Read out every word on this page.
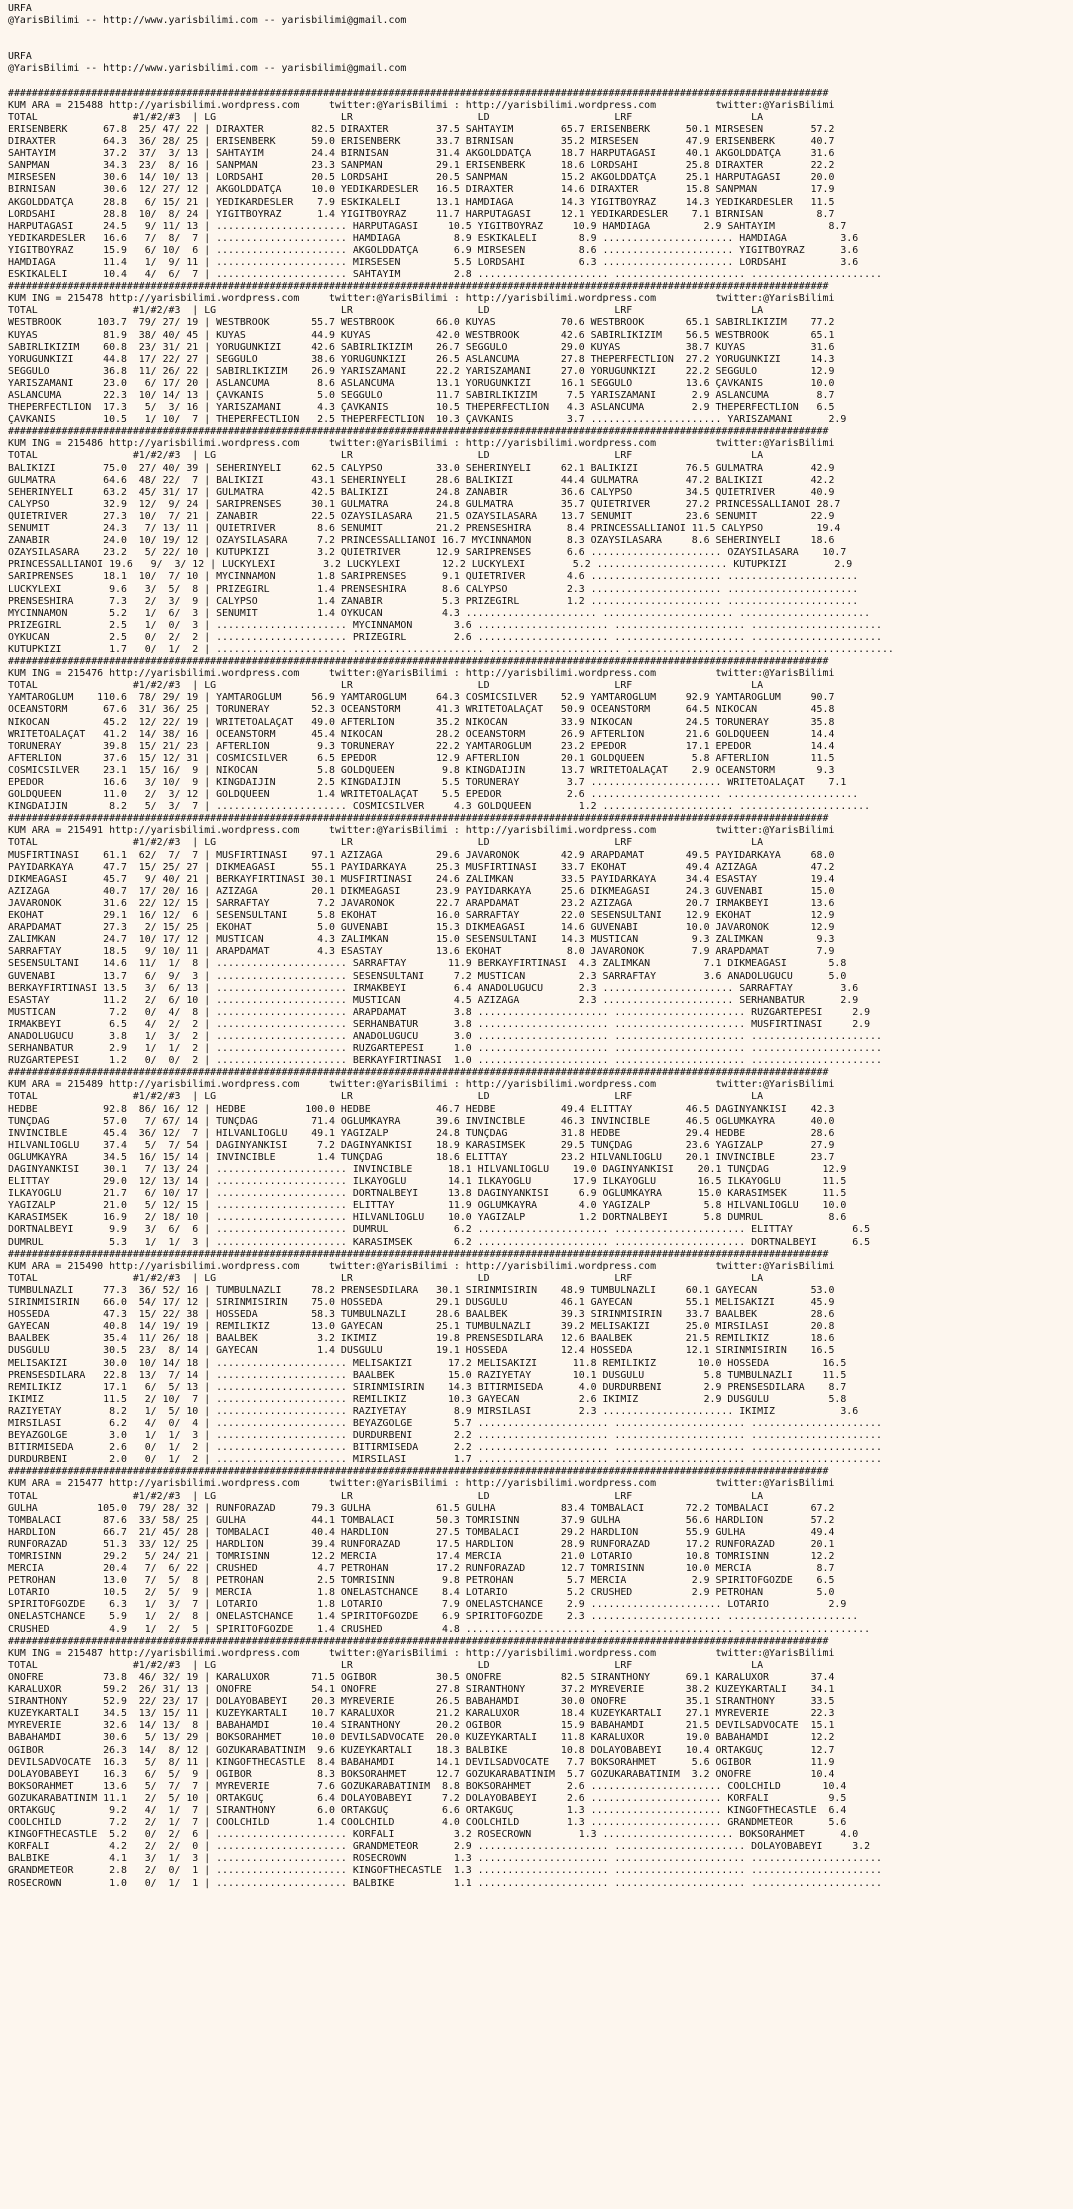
URFA
@YarisBilimi -- http://www.yarisbilimi.com -- yarisbilimi@gmail.com

URFA
@YarisBilimi -- http://www.yarisbilimi.com -- yarisbilimi@gmail.com

##########################################################################################################################################
KUM ARA = 215488 http://yarisbilimi.wordpress.com     twitter:@YarisBilimi : http://yarisbilimi.wordpress.com          twitter:@YarisBilimi
TOTAL                #1/#2/#3  | LG                     LR                     LD                     LRF                    LA
ERISENBERK      67.8  25/ 47/ 22 | DIRAXTER        82.5 DIRAXTER        37.5 SAHTAYIM        65.7 ERISENBERK      50.1 MIRSESEN        57.2
DIRAXTER        64.3  36/ 28/ 25 | ERISENBERK      59.0 ERISENBERK      33.7 BIRNISAN        35.2 MIRSESEN        47.9 ERISENBERK      40.7
SAHTAYIM        37.2  37/  3/ 13 | SAHTAYIM        24.4 BIRNISAN        31.4 AKGOLDDATÇA     18.7 HARPUTAGASI     40.1 AKGOLDDATÇA     31.6
SANPMAN         34.3  23/  8/ 16 | SANPMAN         23.3 SANPMAN         29.1 ERISENBERK      18.6 LORDSAHI        25.8 DIRAXTER        22.2
MIRSESEN        30.6  14/ 10/ 13 | LORDSAHI        20.5 LORDSAHI        20.5 SANPMAN         15.2 AKGOLDDATÇA     25.1 HARPUTAGASI     20.0
BIRNISAN        30.6  12/ 27/ 12 | AKGOLDDATÇA     10.0 YEDIKARDESLER   16.5 DIRAXTER        14.6 DIRAXTER        15.8 SANPMAN         17.9
AKGOLDDATÇA     28.8   6/ 15/ 21 | YEDIKARDESLER    7.9 ESKIKALELI      13.1 HAMDIAGA        14.3 YIGITBOYRAZ     14.3 YEDIKARDESLER   11.5
LORDSAHI        28.8  10/  8/ 24 | YIGITBOYRAZ      1.4 YIGITBOYRAZ     11.7 HARPUTAGASI     12.1 YEDIKARDESLER    7.1 BIRNISAN         8.7
HARPUTAGASI     24.5   9/ 11/ 13 | ...................... HARPUTAGASI     10.5 YIGITBOYRAZ     10.9 HAMDIAGA         2.9 SAHTAYIM         8.7
YEDIKARDESLER   16.6   7/  8/  7 | ...................... HAMDIAGA         8.9 ESKIKALELI       8.9 ...................... HAMDIAGA         3.6
YIGITBOYRAZ     15.9   6/ 10/  6 | ...................... AKGOLDDATÇA      6.9 MIRSESEN         8.6 ...................... YIGITBOYRAZ      3.6
HAMDIAGA        11.4   1/  9/ 11 | ...................... MIRSESEN         5.5 LORDSAHI         6.3 ...................... LORDSAHI         3.6
ESKIKALELI      10.4   4/  6/  7 | ...................... SAHTAYIM         2.8 ...................... ...................... ......................
##########################################################################################################################################
KUM ING = 215478 http://yarisbilimi.wordpress.com     twitter:@YarisBilimi : http://yarisbilimi.wordpress.com          twitter:@YarisBilimi
TOTAL                #1/#2/#3  | LG                     LR                     LD                     LRF                    LA
WESTBROOK      103.7  79/ 27/ 19 | WESTBROOK       55.7 WESTBROOK       66.0 KUYAS           70.6 WESTBROOK       65.1 SABIRLIKIZIM    77.2
KUYAS           81.9  38/ 40/ 45 | KUYAS           44.9 KUYAS           42.0 WESTBROOK       42.6 SABIRLIKIZIM    56.5 WESTBROOK       65.1
SABIRLIKIZIM    60.8  23/ 31/ 21 | YÖRÜGÜNKIZI     42.6 SABIRLIKIZIM    26.7 SEGGÜLO         29.0 KUYAS           38.7 KUYAS           31.6
YÖRÜGÜNKIZI     44.8  17/ 22/ 27 | SEGGÜLO         38.6 YÖRÜGÜNKIZI     26.5 ASLANCUMA       27.8 THEPERFECTLION  27.2 YÖRÜGÜNKIZI     14.3
SEGGÜLO         36.8  11/ 26/ 22 | SABIRLIKIZIM    26.9 YARISZAMANI     22.2 YARISZAMANI     27.0 YÖRÜGÜNKIZI     22.2 SEGGÜLO         12.9
YARISZAMANI     23.0   6/ 17/ 20 | ASLANCUMA        8.6 ASLANCUMA       13.1 YÖRÜGÜNKIZI     16.1 SEGGÜLO         13.6 ÇAVKANIS        10.0
ASLANCUMA       22.3  10/ 14/ 13 | ÇAVKANIS         5.0 SEGGÜLO         11.7 SABIRLIKIZIM     7.5 YARISZAMANI      2.9 ASLANCUMA        8.7
THEPERFECTLION  17.3   5/  3/ 16 | YARISZAMANI      4.3 ÇAVKANIS        10.5 THEPERFECTLION   4.3 ASLANCUMA        2.9 THEPERFECTLION   6.5
ÇAVKANIS        10.5   1/ 10/  7 | THEPERFECTLION   2.5 THEPERFECTLION  10.3 ÇAVKANIS         3.7 ...................... YARISZAMANI      2.9
##########################################################################################################################################
KUM ING = 215486 http://yarisbilimi.wordpress.com     twitter:@YarisBilimi : http://yarisbilimi.wordpress.com          twitter:@YarisBilimi
TOTAL                #1/#2/#3  | LG                     LR                     LD                     LRF                    LA
BALIKIZI        75.0  27/ 40/ 39 | SEHERINYELI     62.5 CALYPSO         33.0 SEHERINYELI     62.1 BALIKIZI        76.5 GÜLMATRA        42.9
GÜLMATRA        64.6  48/ 22/  7 | BALIKIZI        43.1 SEHERINYELI     28.6 BALIKIZI        44.4 GÜLMATRA        47.2 BALIKIZI        42.2
SEHERINYELI     63.2  45/ 31/ 17 | GÜLMATRA        42.5 BALIKIZI        24.8 ZANABIR         36.6 CALYPSO         34.5 QUIETRIVER      40.9
CALYPSO         32.9  12/  9/ 24 | SARIPRENSES     30.1 GÜLMATRA        24.8 GÜLMATRA        35.7 QUIETRIVER      27.2 PRINCESSALLIANOI 28.7
QUIETRIVER      27.3  10/  7/ 21 | ZANABIR         22.5 ÖZAYSILASARA    21.5 ÖZAYSILASARA    13.7 SENÜMIT         23.6 SENÜMIT         22.9
SENÜMIT         24.3   7/ 13/ 11 | QUIETRIVER       8.6 SENÜMIT         21.2 PRENSESHIRA      8.4 PRINCESSALLIANOI 11.5 CALYPSO         19.4
ZANABIR         24.0  10/ 19/ 12 | ÖZAYSILASARA     7.2 PRINCESSALLIANOI 16.7 MYCINNAMON      8.3 ÖZAYSILASARA     8.6 SEHERINYELI     18.6
ÖZAYSILASARA    23.2   5/ 22/ 10 | KUTUPKIZI        3.2 QUIETRIVER      12.9 SARIPRENSES      6.6 ...................... ÖZAYSILASARA    10.7
PRINCESSALLIANOI 19.6   9/  3/ 12 | LUCKYLEXI        3.2 LUCKYLEXI       12.2 LUCKYLEXI        5.2 ...................... KUTUPKIZI        2.9
SARIPRENSES     18.1  10/  7/ 10 | MYCINNAMON       1.8 SARIPRENSES      9.1 QUIETRIVER       4.6 ...................... ......................
LUCKYLEXI        9.6   3/  5/  8 | PRIZEGIRL        1.4 PRENSESHIRA      8.6 CALYPSO          2.3 ...................... ......................
PRENSESHIRA      7.3   2/  3/  9 | CALYPSO          1.4 ZANABIR          5.3 PRIZEGIRL        1.2 ...................... ......................
MYCINNAMON       5.2   1/  6/  3 | SENÜMIT          1.4 ÖYKÜCAN          4.3 ...................... ...................... ......................
PRIZEGIRL        2.5   1/  0/  3 | ...................... MYCINNAMON       3.6 ...................... ...................... ......................
ÖYKÜCAN          2.5   0/  2/  2 | ...................... PRIZEGIRL        2.6 ...................... ...................... ......................
KUTUPKIZI        1.7   0/  1/  2 | ...................... ...................... ...................... ...................... ......................
##########################################################################################################################################
KUM ING = 215476 http://yarisbilimi.wordpress.com     twitter:@YarisBilimi : http://yarisbilimi.wordpress.com          twitter:@YarisBilimi
TOTAL                #1/#2/#3  | LG                     LR                     LD                     LRF                    LA
YAMTAROGLUM    110.6  78/ 29/ 19 | YAMTAROGLUM     56.9 YAMTAROGLUM     64.3 COSMICSILVER    52.9 YAMTAROGLUM     92.9 YAMTAROGLUM     90.7
OCEANSTORM      67.6  31/ 36/ 25 | TORUNERAY       52.3 OCEANSTORM      41.3 WRITETOALAÇAT   50.9 OCEANSTORM      64.5 NIKOCAN         45.8
NIKOCAN         45.2  12/ 22/ 19 | WRITETOALAÇAT   49.0 AFTERLION       35.2 NIKOCAN         33.9 NIKOCAN         24.5 TORUNERAY       35.8
WRITETOALAÇAT   41.2  14/ 38/ 16 | OCEANSTORM      45.4 NIKOCAN         28.2 OCEANSTORM      26.9 AFTERLION       21.6 GOLDQUEEN       14.4
TORUNERAY       39.8  15/ 21/ 23 | AFTERLION        9.3 TORUNERAY       22.2 YAMTAROGLUM     23.2 EPEDOR          17.1 EPEDOR          14.4
AFTERLION       37.6  15/ 12/ 31 | COSMICSILVER     6.5 EPEDOR          12.9 AFTERLION       20.1 GOLDQUEEN        5.8 AFTERLION       11.5
COSMICSILVER    23.1  15/ 16/  9 | NIKOCAN          5.8 GOLDQUEEN        9.8 KINGDAIJIN      13.7 WRITETOALAÇAT    2.9 OCEANSTORM       9.3
EPEDOR          16.6   3/ 10/  9 | KINGDAIJIN       2.5 KINGDAIJIN       5.5 TORUNERAY        3.7 ...................... WRITETOALAÇAT    7.1
GOLDQUEEN       11.0   2/  3/ 12 | GOLDQUEEN        1.4 WRITETOALAÇAT    5.5 EPEDOR           2.6 ...................... ......................
KINGDAIJIN       8.2   5/  3/  7 | ...................... COSMICSILVER     4.3 GOLDQUEEN        1.2 ...................... ......................
##########################################################################################################################################
KUM ARA = 215491 http://yarisbilimi.wordpress.com     twitter:@YarisBilimi : http://yarisbilimi.wordpress.com          twitter:@YarisBilimi
TOTAL                #1/#2/#3  | LG                     LR                     LD                     LRF                    LA
MUSFIRTINASI    61.1  62/  7/  7 | MUSFIRTINASI    97.1 AZIZAGA         29.6 JAVARONOK       42.9 ARAPDAMAT       49.5 PAYIDARKAYA     68.0
PAYIDARKAYA     47.7  15/ 25/ 27 | DIKMEAGASI      55.1 PAYIDARKAYA     25.3 MUSFIRTINASI    33.7 EKOHAT          49.4 AZIZAGA         47.2
DIKMEAGASI      45.7   9/ 40/ 21 | BERKAYFIRTINASI 30.1 MUSFIRTINASI    24.6 ZALIMKAN        33.5 PAYIDARKAYA     34.4 ESASTAY         19.4
AZIZAGA         40.7  17/ 20/ 16 | AZIZAGA         20.1 DIKMEAGASI      23.9 PAYIDARKAYA     25.6 DIKMEAGASI      24.3 GÜVENABI        15.0
JAVARONOK       31.6  22/ 12/ 15 | SARRAFTAY        7.2 JAVARONOK       22.7 ARAPDAMAT       23.2 AZIZAGA         20.7 IRMAKBEYI       13.6
EKOHAT          29.1  16/ 12/  6 | SESENSULTANI     5.8 EKOHAT          16.0 SARRAFTAY       22.0 SESENSULTANI    12.9 EKOHAT          12.9
ARAPDAMAT       27.3   2/ 15/ 25 | EKOHAT           5.0 GÜVENABI        15.3 DIKMEAGASI      14.6 GÜVENABI        10.0 JAVARONOK       12.9
ZALIMKAN        24.7  10/ 17/ 12 | MUSTICAN         4.3 ZALIMKAN        15.0 SESENSULTANI    14.3 MUSTICAN         9.3 ZALIMKAN         9.3
SARRAFTAY       18.5   9/ 10/ 11 | ARAPDAMAT        4.3 ESASTAY         13.6 EKOHAT           8.0 JAVARONOK        7.9 ARAPDAMAT        7.9
SESENSULTANI    14.6  11/  1/  8 | ...................... SARRAFTAY       11.9 BERKAYFIRTINASI  4.3 ZALIMKAN         7.1 DIKMEAGASI       5.8
GÜVENABI        13.7   6/  9/  3 | ...................... SESENSULTANI     7.2 MUSTICAN         2.3 SARRAFTAY        3.6 ANADOLUGÜCÜ      5.0
BERKAYFIRTINASI 13.5   3/  6/ 13 | ...................... IRMAKBEYI        6.4 ANADOLUGÜCÜ      2.3 ...................... SARRAFTAY        3.6
ESASTAY         11.2   2/  6/ 10 | ...................... MUSTICAN         4.5 AZIZAGA          2.3 ...................... SERHANBATUR      2.9
MUSTICAN         7.2   0/  4/  8 | ...................... ARAPDAMAT        3.8 ...................... ...................... RÜZGARTEPESI     2.9
IRMAKBEYI        6.5   4/  2/  2 | ...................... SERHANBATUR      3.8 ...................... ...................... MUSFIRTINASI     2.9
ANADOLUGÜCÜ      3.8   1/  3/  2 | ...................... ANADOLUGÜCÜ      3.0 ...................... ...................... ......................
SERHANBATUR      2.9   1/  1/  2 | ...................... RÜZGARTEPESI     1.0 ...................... ...................... ......................
RÜZGARTEPESI     1.2   0/  0/  2 | ...................... BERKAYFIRTINASI  1.0 ...................... ...................... ......................
##########################################################################################################################################
KUM ARA = 215489 http://yarisbilimi.wordpress.com     twitter:@YarisBilimi : http://yarisbilimi.wordpress.com          twitter:@YarisBilimi
TOTAL                #1/#2/#3  | LG                     LR                     LD                     LRF                    LA
HEDBE           92.8  86/ 16/ 12 | HEDBE          100.0 HEDBE           46.7 HEDBE           49.4 ELITTAY         46.5 DAGINYANKISI    42.3
TUNÇDAG         57.0   7/ 67/ 14 | TUNÇDAG         71.4 OGLUMKAYRA      39.6 INVINCIBLE      46.3 INVINCIBLE      46.5 OGLUMKAYRA      40.0
INVINCIBLE      45.4  36/ 12/  7 | HILVANLIOGLU    49.1 YAGIZALP        24.8 TUNÇDAG         31.8 HEDBE           29.4 HEDBE           28.6
HILVANLIOGLU    37.4   5/  7/ 54 | DAGINYANKISI     7.2 DAGINYANKISI    18.9 KARASIMSEK      29.5 TUNÇDAG         23.6 YAGIZALP        27.9
OGLUMKAYRA      34.5  16/ 15/ 14 | INVINCIBLE       1.4 TUNÇDAG         18.6 ELITTAY         23.2 HILVANLIOGLU    20.1 INVINCIBLE      23.7
DAGINYANKISI    30.1   7/ 13/ 24 | ...................... INVINCIBLE      18.1 HILVANLIOGLU    19.0 DAGINYANKISI    20.1 TUNÇDAG         12.9
ELITTAY         29.0  12/ 13/ 14 | ...................... ILKAYOGLU       14.1 ILKAYOGLU       17.9 ILKAYOGLU       16.5 ILKAYOGLU       11.5
ILKAYOGLU       21.7   6/ 10/ 17 | ...................... DÖRTNALBEYI     13.8 DAGINYANKISI     6.9 OGLUMKAYRA      15.0 KARASIMSEK      11.5
YAGIZALP        21.0   5/ 12/ 15 | ...................... ELITTAY         11.9 OGLUMKAYRA       4.0 YAGIZALP         5.8 HILVANLIOGLU    10.0
KARASIMSEK      16.9   2/ 18/ 10 | ...................... HILVANLIOGLU    10.0 YAGIZALP         1.2 DÖRTNALBEYI      5.8 DUMRUL           8.6
DÖRTNALBEYI      9.9   3/  6/  6 | ...................... DUMRUL           6.2 ...................... ...................... ELITTAY          6.5
DUMRUL           5.3   1/  1/  3 | ...................... KARASIMSEK       6.2 ...................... ...................... DÖRTNALBEYI      6.5
##########################################################################################################################################
KUM ARA = 215490 http://yarisbilimi.wordpress.com     twitter:@YarisBilimi : http://yarisbilimi.wordpress.com          twitter:@YarisBilimi
TOTAL                #1/#2/#3  | LG                     LR                     LD                     LRF                    LA
TUMBULNAZLI     77.3  36/ 52/ 16 | TUMBULNAZLI     78.2 PRENSESDILARA   30.1 SIRINMISIRIN    48.9 TUMBULNAZLI     60.1 GAYECAN         53.0
SIRINMISIRIN    66.0  54/ 17/ 12 | SIRINMISIRIN    75.0 HOSSEDA         29.1 DÜSGÜLÜ         46.1 GAYECAN         55.1 MELISAKIZI      45.9
HOSSEDA         47.3  15/ 22/ 38 | HOSSEDA         58.3 TUMBULNAZLI     28.6 BAALBEK         39.3 SIRINMISIRIN    33.7 BAALBEK         28.6
GAYECAN         40.8  14/ 19/ 19 | REMILIKIZ       13.0 GAYECAN         25.1 TUMBULNAZLI     39.2 MELISAKIZI      25.0 MIRSILASI       20.8
BAALBEK         35.4  11/ 26/ 18 | BAALBEK          3.2 IKIMIZ          19.8 PRENSESDILARA   12.6 BAALBEK         21.5 REMILIKIZ       18.6
DÜSGÜLÜ         30.5  23/  8/ 14 | GAYECAN          1.4 DÜSGÜLÜ         19.1 HOSSEDA         12.4 HOSSEDA         12.1 SIRINMISIRIN    16.5
MELISAKIZI      30.0  10/ 14/ 18 | ...................... MELISAKIZI      17.2 MELISAKIZI      11.8 REMILIKIZ       10.0 HOSSEDA         16.5
PRENSESDILARA   22.8  13/  7/ 14 | ...................... BAALBEK         15.0 RAZIYETAY       10.1 DÜSGÜLÜ          5.8 TUMBULNAZLI     11.5
REMILIKIZ       17.1   6/  5/ 13 | ...................... SIRINMISIRIN    14.3 BITIRMISEDA      4.0 DURDURBENI       2.9 PRENSESDILARA    8.7
IKIMIZ          11.5   2/ 10/  7 | ...................... REMILIKIZ       10.3 GAYECAN          2.6 IKIMIZ           2.9 DÜSGÜLÜ          5.8
RAZIYETAY        8.2   1/  5/ 10 | ...................... RAZIYETAY        8.9 MIRSILASI        2.3 ...................... IKIMIZ           3.6
MIRSILASI        6.2   4/  0/  4 | ...................... BEYAZGÖLGE       5.7 ...................... ...................... ......................
BEYAZGÖLGE       3.0   1/  1/  3 | ...................... DURDURBENI       2.2 ...................... ...................... ......................
BITIRMISEDA      2.6   0/  1/  2 | ...................... BITIRMISEDA      2.2 ...................... ...................... ......................
DURDURBENI       2.0   0/  1/  2 | ...................... MIRSILASI        1.7 ...................... ...................... ......................
##########################################################################################################################################
KUM ARA = 215477 http://yarisbilimi.wordpress.com     twitter:@YarisBilimi : http://yarisbilimi.wordpress.com          twitter:@YarisBilimi
TOTAL                #1/#2/#3  | LG                     LR                     LD                     LRF                    LA
GÜLHA          105.0  79/ 28/ 32 | RUNFORAZAD      79.3 GÜLHA           61.5 GÜLHA           83.4 TOMBALACI       72.2 TOMBALACI       67.2
TOMBALACI       87.6  33/ 58/ 25 | GÜLHA           44.1 TOMBALACI       50.3 TOMRISINN       37.9 GÜLHA           56.6 HARDLION        57.2
HARDLION        66.7  21/ 45/ 28 | TOMBALACI       40.4 HARDLION        27.5 TOMBALACI       29.2 HARDLION        55.9 GÜLHA           49.4
RUNFORAZAD      51.3  33/ 12/ 25 | HARDLION        39.4 RUNFORAZAD      17.5 HARDLION        28.9 RUNFORAZAD      17.2 RUNFORAZAD      20.1
TOMRISINN       29.2   5/ 24/ 21 | TOMRISINN       12.2 MERCIA          17.4 MERCIA          21.0 LOTARIO         10.8 TOMRISINN       12.2
MERCIA          20.4   7/  6/ 22 | CRUSHED          4.7 PETROHAN        17.2 RUNFORAZAD      12.7 TOMRISINN       10.0 MERCIA           8.7
PETROHAN        13.0   7/  5/  8 | PETROHAN         2.5 TOMRISINN        9.8 PETROHAN         5.7 MERCIA           2.9 SPIRITOFGÖZDE    6.5
LOTARIO         10.5   2/  5/  9 | MERCIA           1.8 ONELASTCHANCE    8.4 LOTARIO          5.2 CRUSHED          2.9 PETROHAN         5.0
SPIRITOFGÖZDE    6.3   1/  3/  7 | LOTARIO          1.8 LOTARIO          7.9 ONELASTCHANCE    2.9 ...................... LOTARIO          2.9
ONELASTCHANCE    5.9   1/  2/  8 | ONELASTCHANCE    1.4 SPIRITOFGÖZDE    6.9 SPIRITOFGÖZDE    2.3 ...................... ......................
CRUSHED          4.9   1/  2/  5 | SPIRITOFGÖZDE    1.4 CRUSHED          4.8 ...................... ...................... ......................
##########################################################################################################################################
KUM ING = 215487 http://yarisbilimi.wordpress.com     twitter:@YarisBilimi : http://yarisbilimi.wordpress.com          twitter:@YarisBilimi
TOTAL                #1/#2/#3  | LG                     LR                     LD                     LRF                    LA
ONOFRE          73.8  46/ 32/ 19 | KARALUXOR       71.5 OGIBOR          30.5 ONOFRE          82.5 SIRANTHONY      69.1 KARALUXOR       37.4
KARALUXOR       59.2  26/ 31/ 13 | ONOFRE          54.1 ONOFRE          27.8 SIRANTHONY      37.2 MYREVERIE       38.2 KUZEYKARTALI    34.1
SIRANTHONY      52.9  22/ 23/ 17 | DOLAYOBABEYI    20.3 MYREVERIE       26.5 BABAHAMDI       30.0 ONOFRE          35.1 SIRANTHONY      33.5
KUZEYKARTALI    34.5  13/ 15/ 11 | KUZEYKARTALI    10.7 KARALUXOR       21.2 KARALUXOR       18.4 KUZEYKARTALI    27.1 MYREVERIE       22.3
MYREVERIE       32.6  14/ 13/  8 | BABAHAMDI       10.4 SIRANTHONY      20.2 OGIBOR          15.9 BABAHAMDI       21.5 DEVILSADVOCATE  15.1
BABAHAMDI       30.6   5/ 13/ 29 | BOKSÖRAHMET     10.0 DEVILSADVOCATE  20.0 KUZEYKARTALI    11.8 KARALUXOR       19.0 BABAHAMDI       12.2
OGIBOR          26.3  14/  8/ 12 | GÖZÜKARABATINIM  9.6 KUZEYKARTALI    18.3 BALBIKE         10.8 DOLAYOBABEYI    10.4 ORTAKGÜÇ        12.7
DEVILSADVOCATE  16.3   5/  8/ 11 | KINGOFTHECASTLE  8.4 BABAHAMDI       14.1 DEVILSADVOCATE   7.7 BOKSÖRAHMET      5.6 OGIBOR          11.9
DOLAYOBABEYI    16.3   6/  5/  9 | OGIBOR           8.3 BOKSÖRAHMET     12.7 GÖZÜKARABATINIM  5.7 GÖZÜKARABATINIM  3.2 ONOFRE          10.4
BOKSÖRAHMET     13.6   5/  7/  7 | MYREVERIE        7.6 GÖZÜKARABATINIM  8.8 BOKSÖRAHMET      2.6 ...................... COOLCHILD       10.4
GÖZÜKARABATINIM 11.1   2/  5/ 10 | ORTAKGÜÇ         6.4 DOLAYOBABEYI     7.2 DOLAYOBABEYI     2.6 ...................... KORFALI          9.5
ORTAKGÜÇ         9.2   4/  1/  7 | SIRANTHONY       6.0 ORTAKGÜÇ         6.6 ORTAKGÜÇ         1.3 ...................... KINGOFTHECASTLE  6.4
COOLCHILD        7.2   2/  1/  7 | COOLCHILD        1.4 COOLCHILD        4.0 COOLCHILD        1.3 ...................... GRANDMETEOR      5.6
KINGOFTHECASTLE  5.2   0/  2/  6 | ...................... KORFALI          3.2 ROSECROWN        1.3 ...................... BOKSÖRAHMET      4.0
KORFALI          4.2   2/  2/  0 | ...................... GRANDMETEOR      2.9 ...................... ...................... DOLAYOBABEYI     3.2
BALBIKE          4.1   3/  1/  3 | ...................... ROSECROWN        1.3 ...................... ...................... ......................
GRANDMETEOR      2.8   2/  0/  1 | ...................... KINGOFTHECASTLE  1.3 ...................... ...................... ......................
ROSECROWN        1.0   0/  1/  1 | ...................... BALBIKE          1.1 ...................... ...................... ......................
